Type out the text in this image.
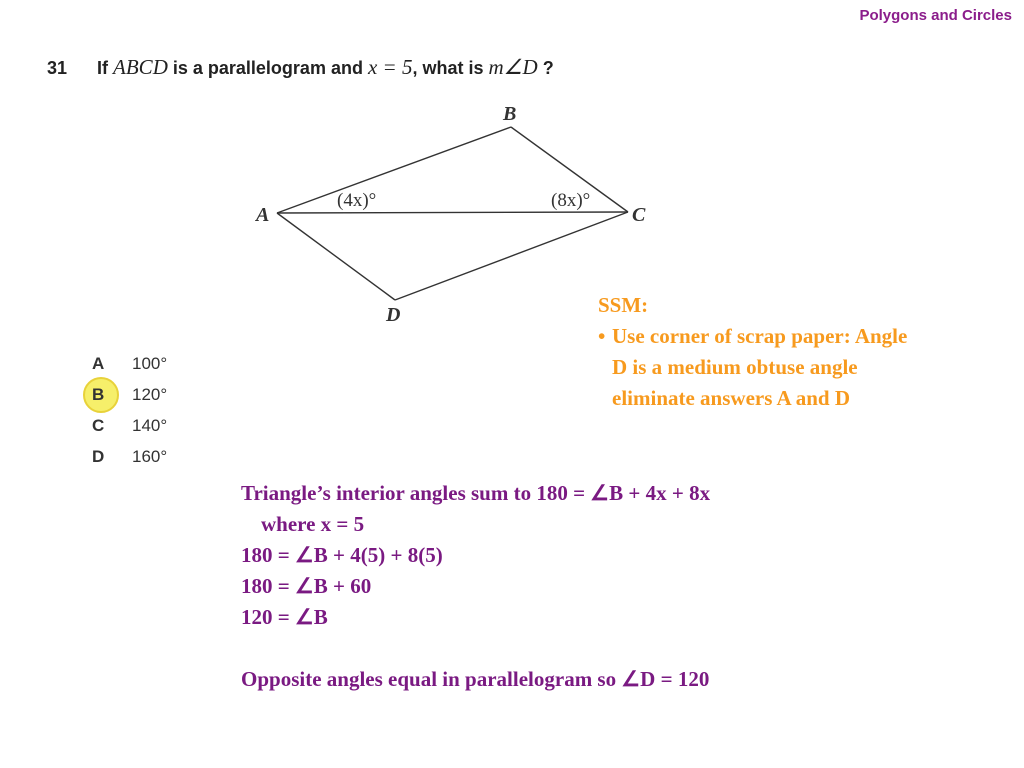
Polygons and Circles
31 If ABCD is a parallelogram and x = 5, what is m∠D ?
A
B
C
D
(4x)°	(8x)°
A 100°
B 120°
C 140°
D 160°
SSM:
• Use corner of scrap paper: Angle
D is a medium obtuse angle
eliminate answers A and D
Triangle’s interior angles sum to 180 = ∠B + 4x + 8x
where x = 5
180 = ∠B + 4(5) + 8(5)
180 = ∠B + 60
120 = ∠B
Opposite angles equal in parallelogram so ∠D = 120
